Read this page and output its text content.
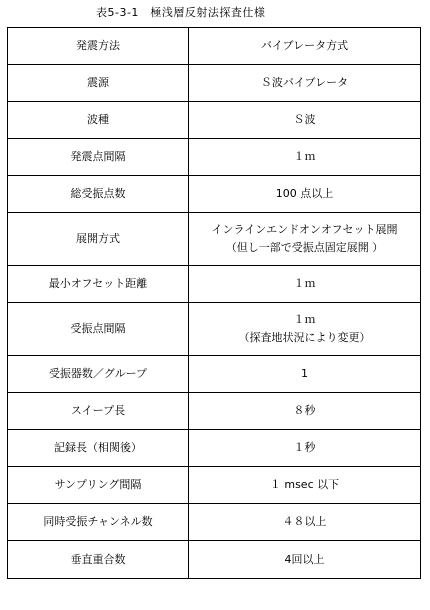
表5-3-1　極浅層反射法探査仕様
発震方法	バイブレータ方式
震源	Ｓ波バイブレータ
波種	Ｓ波
発震点間隔	１ｍ
総受振点数	100 点以上
展開方式	インラインエンドオンオフセット展開
（但し一部で受振点固定展開 ）

最小オフセット距離	１ｍ
受振点間隔	１ｍ
（探査地状況により変更）

受振器数／グループ	1
スイープ長	８秒
記録長（相関後）	１秒
サンプリング間隔	１ msec 以下
同時受振チャンネル数	４８以上
垂直重合数	4回以上
